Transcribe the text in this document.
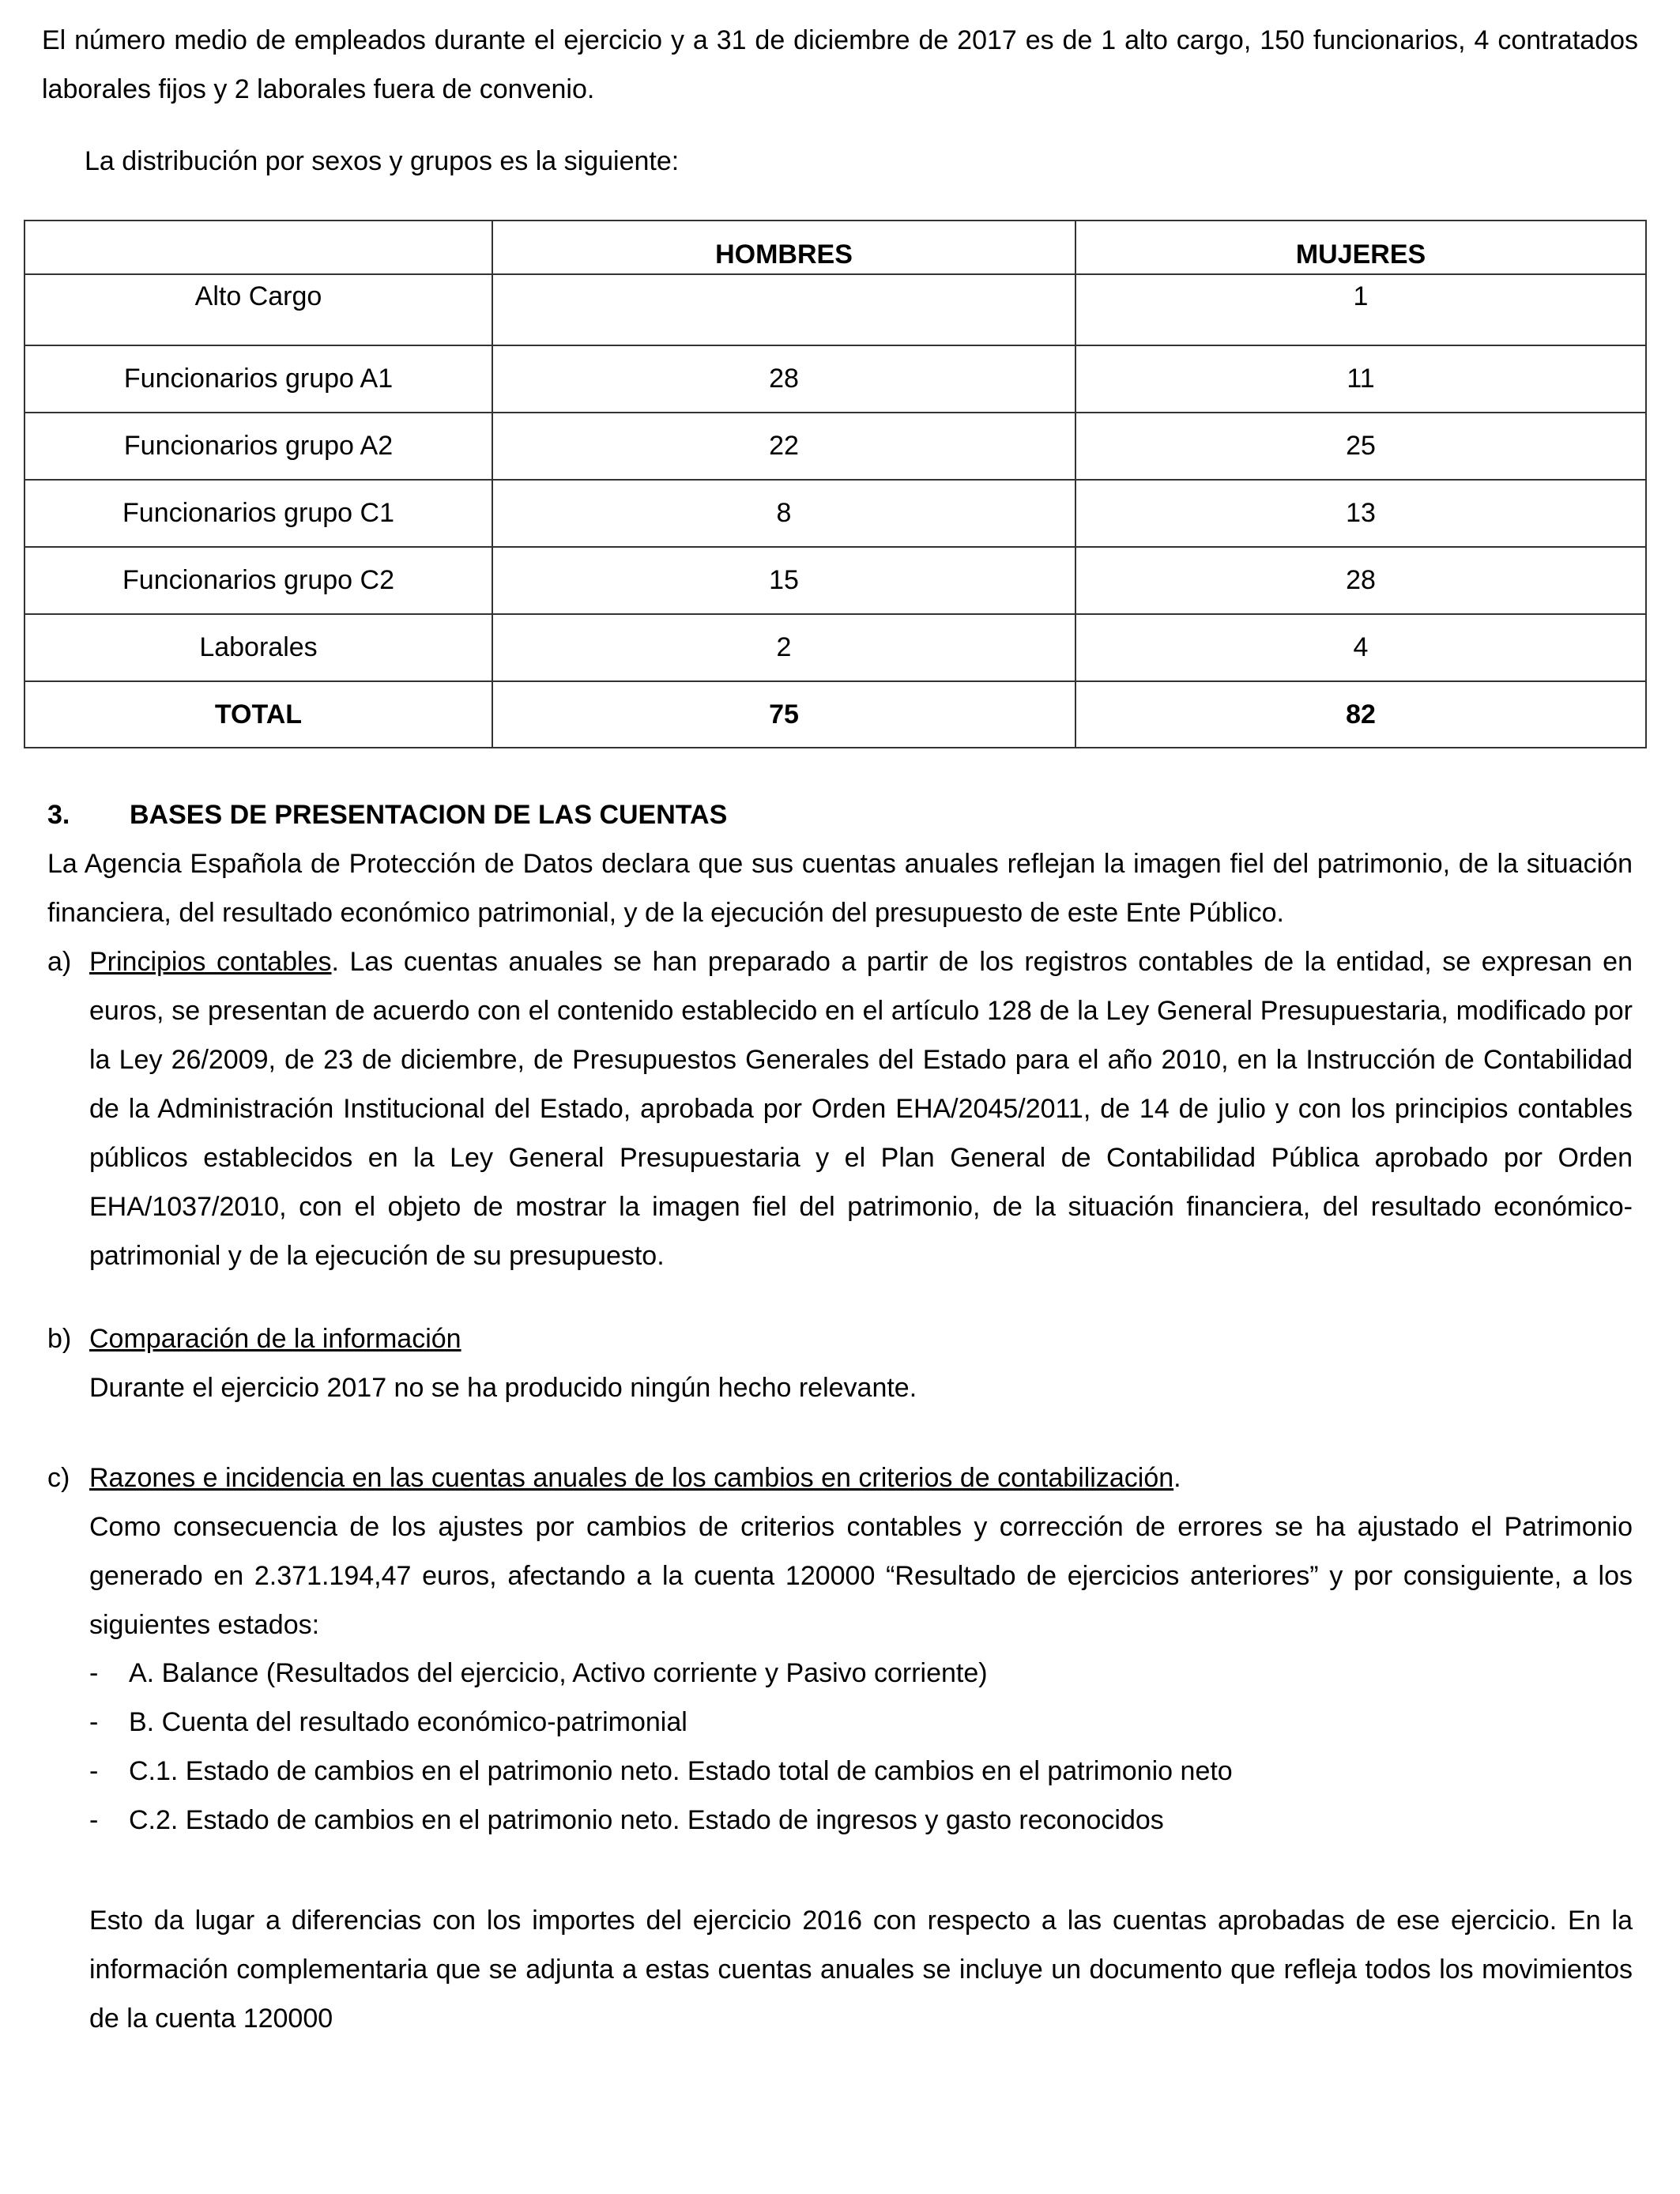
El número medio de empleados durante el ejercicio y a 31 de diciembre de 2017 es de 1 alto cargo, 150 funcionarios, 4 contratados laborales fijos y 2 laborales fuera de convenio.
La distribución por sexos y grupos es la siguiente:
	HOMBRES	MUJERES
Alto Cargo		1
Funcionarios grupo A1	28	11
Funcionarios grupo A2	22	25
Funcionarios grupo C1	8	13
Funcionarios grupo C2	15	28
Laborales	2	4
TOTAL	75	82
3. BASES DE PRESENTACION DE LAS CUENTAS
La Agencia Española de Protección de Datos declara que sus cuentas anuales reflejan la imagen fiel del patrimonio, de la situación financiera, del resultado económico patrimonial, y de la ejecución del presupuesto de este Ente Público.
a) Principios contables. Las cuentas anuales se han preparado a partir de los registros contables de la entidad, se expresan en euros, se presentan de acuerdo con el contenido establecido en el artículo 128 de la Ley General Presupuestaria, modificado por la Ley 26/2009, de 23 de diciembre, de Presupuestos Generales del Estado para el año 2010, en la Instrucción de Contabilidad de la Administración Institucional del Estado, aprobada por Orden EHA/2045/2011, de 14 de julio y con los principios contables públicos establecidos en la Ley General Presupuestaria y el Plan General de Contabilidad Pública aprobado por Orden EHA/1037/2010, con el objeto de mostrar la imagen fiel del patrimonio, de la situación financiera, del resultado económico-patrimonial y de la ejecución de su presupuesto.
b) Comparación de la información
Durante el ejercicio 2017 no se ha producido ningún hecho relevante.
c) Razones e incidencia en las cuentas anuales de los cambios en criterios de contabilización.
Como consecuencia de los ajustes por cambios de criterios contables y corrección de errores se ha ajustado el Patrimonio generado en 2.371.194,47 euros, afectando a la cuenta 120000 “Resultado de ejercicios anteriores” y por consiguiente, a los siguientes estados:
- A. Balance (Resultados del ejercicio, Activo corriente y Pasivo corriente)
- B. Cuenta del resultado económico-patrimonial
- C.1. Estado de cambios en el patrimonio neto. Estado total de cambios en el patrimonio neto
- C.2. Estado de cambios en el patrimonio neto. Estado de ingresos y gasto reconocidos
Esto da lugar a diferencias con los importes del ejercicio 2016 con respecto a las cuentas aprobadas de ese ejercicio. En la información complementaria que se adjunta a estas cuentas anuales se incluye un documento que refleja todos los movimientos de la cuenta 120000
